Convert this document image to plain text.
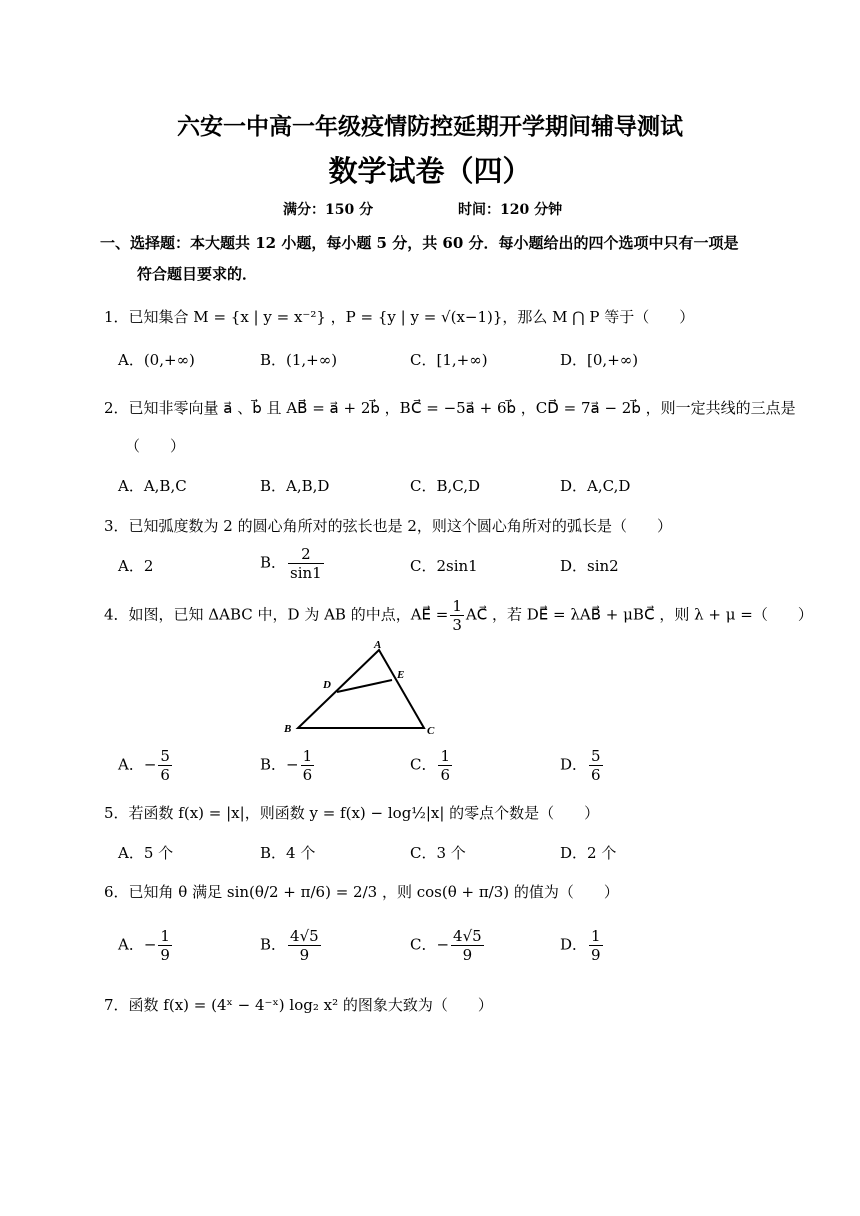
六安一中高一年级疫情防控延期开学期间辅导测试
数学试卷（四）
满分：150 分	时间：120 分钟
一、选择题：本大题共 12 小题，每小题 5 分，共 60 分．每小题给出的四个选项中只有一项是
符合题目要求的．
1．已知集合 M = {x | y = x⁻²} ，P = {y | y = √(x−1)}，那么 M ⋂ P 等于（　　）
A．(0,+∞)	B．(1,+∞)	C．[1,+∞)	D．[0,+∞)
2．已知非零向量 a⃗ 、b⃗ 且 AB⃗ = a⃗ + 2b⃗ ，BC⃗ = −5a⃗ + 6b⃗ ，CD⃗ = 7a⃗ − 2b⃗ ，则一定共线的三点是
（　　）
A．A,B,C	B．A,B,D	C．B,C,D	D．A,C,D
3．已知弧度数为 2 的圆心角所对的弦长也是 2，则这个圆心角所对的弧长是（　　）
A．2	B． $\frac{2}{\sin 1}$	C．2sin1	D．sin2
4．如图，已知 ΔABC 中，D 为 AB 的中点，AE⃗ = $\frac{1}{3}$ AC⃗ ，若 DE⃗ = λAB⃗ + μBC⃗ ，则 λ + μ =（　　）
A
E
D
B	C
A．− $\frac{5}{6}$	B．− $\frac{1}{6}$	C． $\frac{1}{6}$	D． $\frac{5}{6}$
5．若函数 f(x) = |x|，则函数 y = f(x) − log½|x| 的零点个数是（　　）
A．5 个	B．4 个	C．3 个	D．2 个
6．已知角 θ 满足 sin(θ/2 + π/6) = 2/3 ，则 cos(θ + π/3) 的值为（　　）
A．− $\frac{1}{9}$	B． $\frac{4√5}{9}$	C．− $\frac{4√5}{9}$	D． $\frac{1}{9}$
7．函数 f(x) = (4ˣ − 4⁻ˣ) log₂ x² 的图象大致为（　　）
